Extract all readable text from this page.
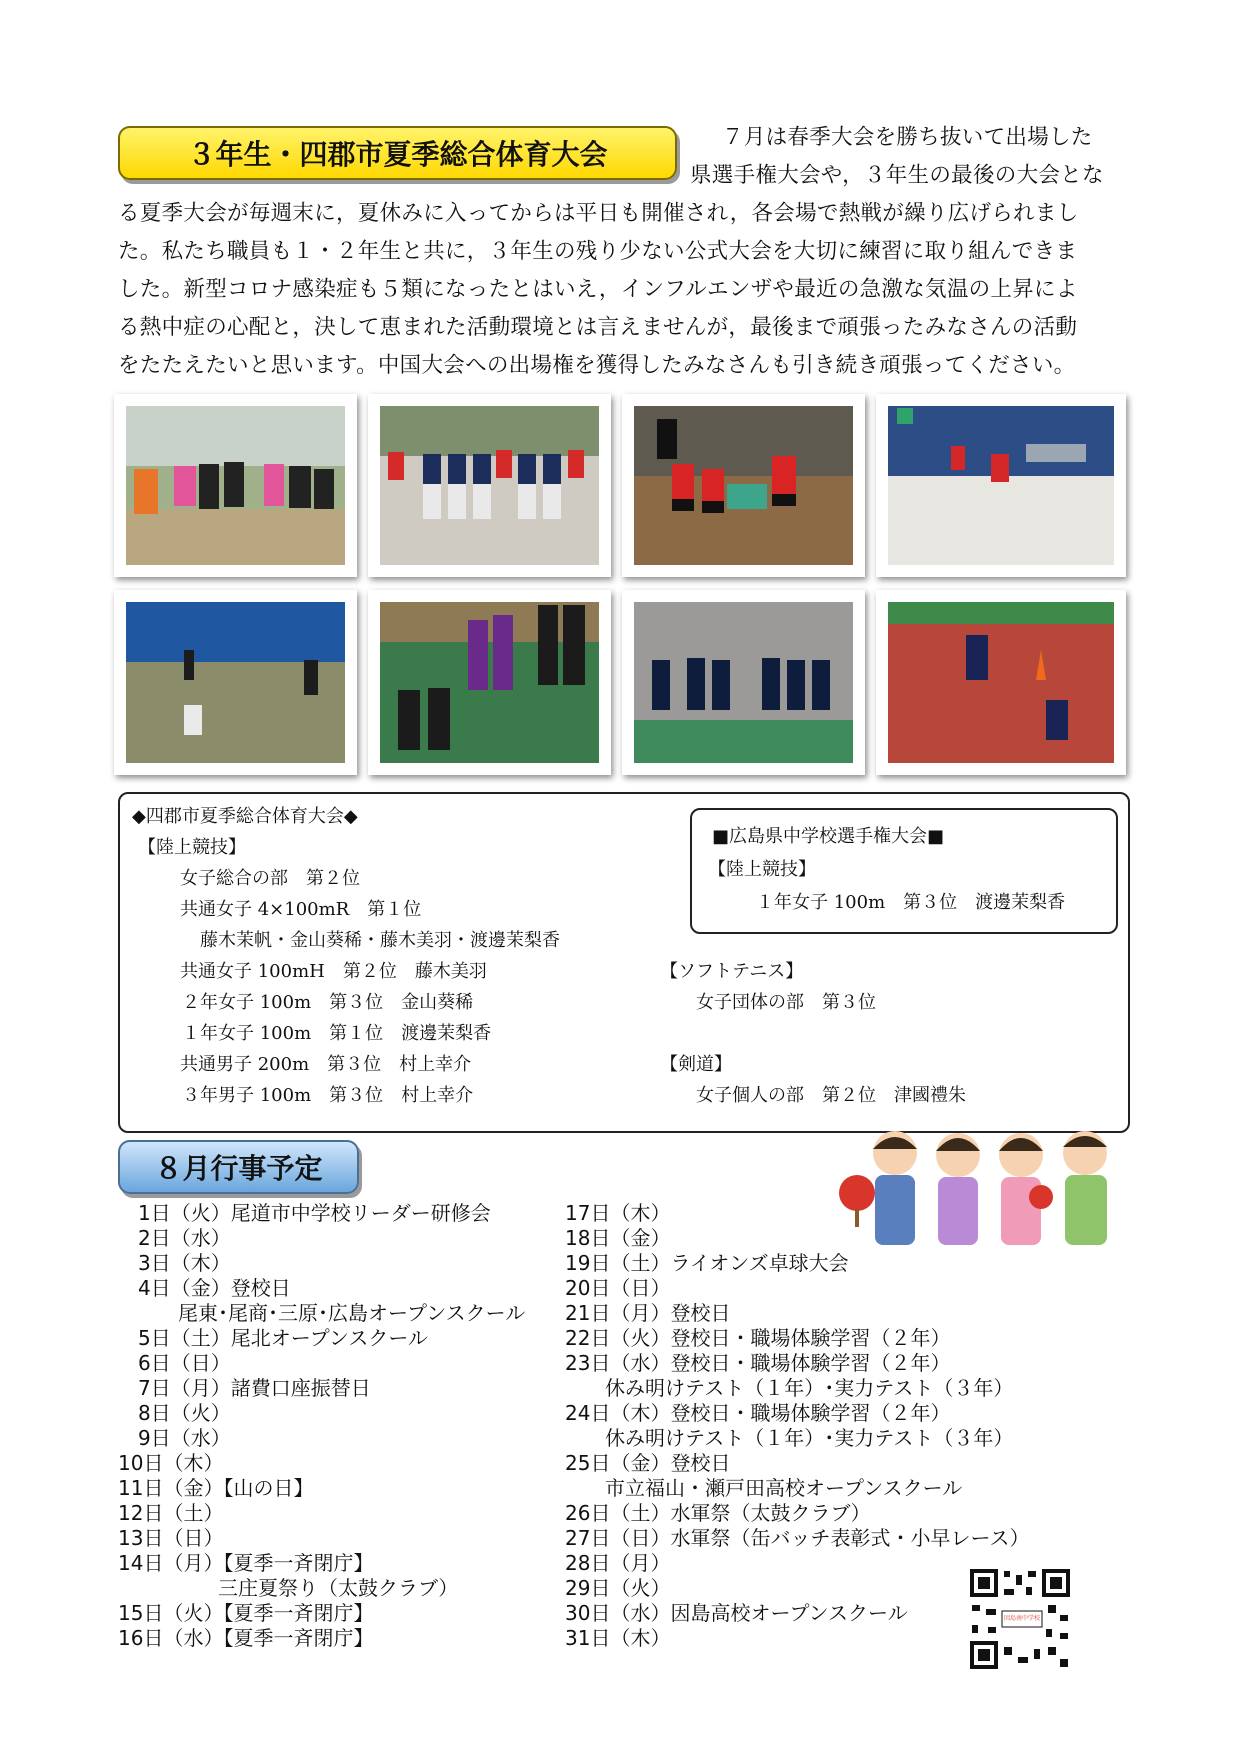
３年生・四郡市夏季総合体育大会
７月は春季大会を勝ち抜いて出場した
県選手権大会や，３年生の最後の大会とな
る夏季大会が毎週末に，夏休みに入ってからは平日も開催され，各会場で熱戦が繰り広げられまし
た。私たち職員も１・２年生と共に，３年生の残り少ない公式大会を大切に練習に取り組んできま
した。新型コロナ感染症も５類になったとはいえ，インフルエンザや最近の急激な気温の上昇によ
る熱中症の心配と，決して恵まれた活動環境とは言えませんが，最後まで頑張ったみなさんの活動
をたたえたいと思います。中国大会への出場権を獲得したみなさんも引き続き頑張ってください。
◆四郡市夏季総合体育大会◆
【陸上競技】
女子総合の部　第２位
共通女子 4×100mR　第１位
藤木茉帆・金山葵稀・藤木美羽・渡邊茉梨香
共通女子 100mH　第２位　藤木美羽
２年女子 100m　第３位　金山葵稀
１年女子 100m　第１位　渡邊茉梨香
共通男子 200m　第３位　村上幸介
３年男子 100m　第３位　村上幸介
【ソフトテニス】
女子団体の部　第３位
【剣道】
女子個人の部　第２位　津國禮朱
■広島県中学校選手権大会■
【陸上競技】
１年女子 100m　第３位　渡邊茉梨香
８月行事予定
　1日（火）尾道市中学校リーダー研修会
　2日（水）
　3日（木）
　4日（金）登校日
　　　尾東･尾商･三原･広島オープンスクール
　5日（土）尾北オープンスクール
　6日（日）
　7日（月）諸費口座振替日
　8日（火）
　9日（水）
10日（木）
11日（金）【山の日】
12日（土）
13日（日）
14日（月）【夏季一斉閉庁】
　　　　　三庄夏祭り（太鼓クラブ）
15日（火）【夏季一斉閉庁】
16日（水）【夏季一斉閉庁】
17日（木）
18日（金）
19日（土）ライオンズ卓球大会
20日（日）
21日（月）登校日
22日（火）登校日・職場体験学習（２年）
23日（水）登校日・職場体験学習（２年）
　　休み明けテスト（１年）･実力テスト（３年）
24日（木）登校日・職場体験学習（２年）
　　休み明けテスト（１年）･実力テスト（３年）
25日（金）登校日
　　市立福山・瀬戸田高校オープンスクール
26日（土）水軍祭（太鼓クラブ）
27日（日）水軍祭（缶バッチ表彰式・小早レース）
28日（月）
29日（火）
30日（水）因島高校オープンスクール
31日（木）
因島南中学校
